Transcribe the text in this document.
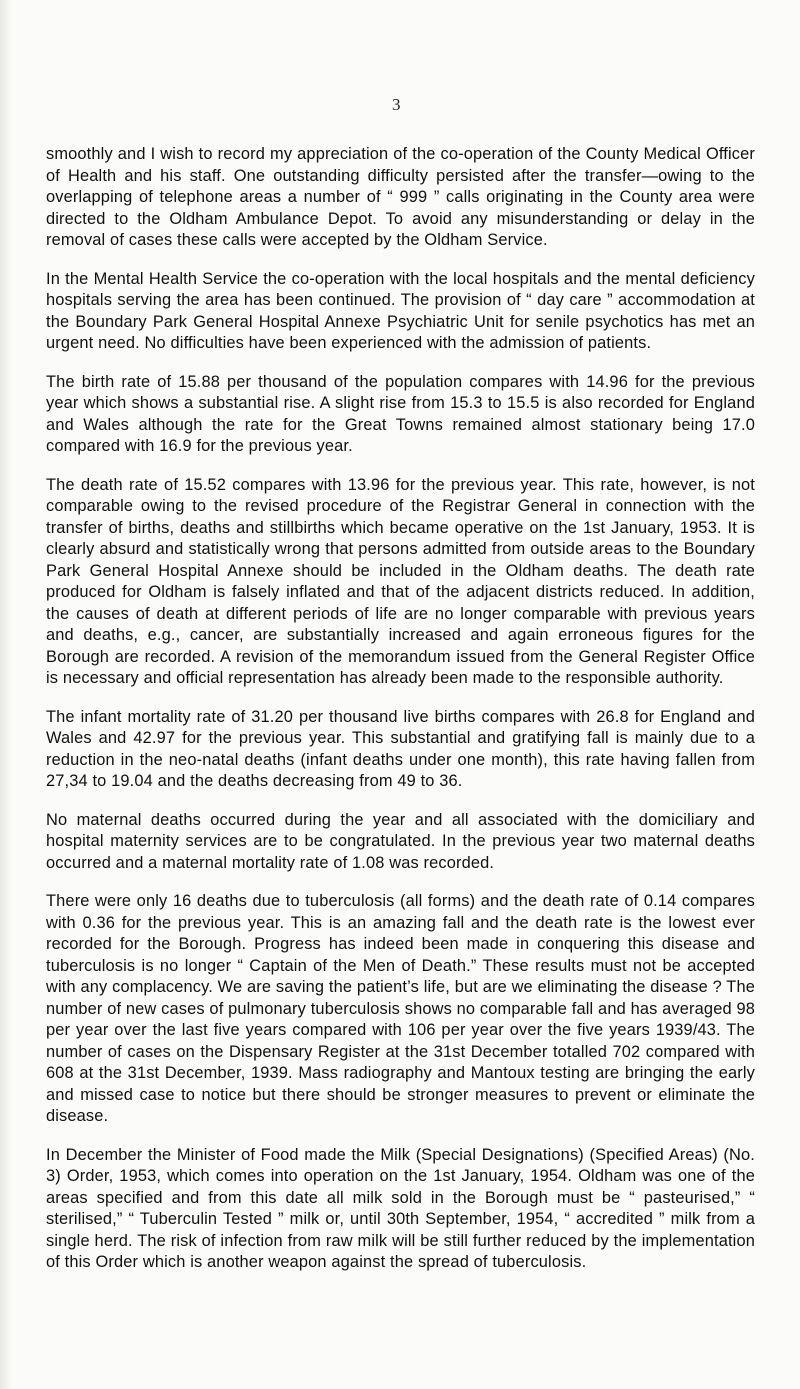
3

smoothly and I wish to record my appreciation of the co-operation of the County Medical Officer of Health and his staff. One outstanding difficulty persisted after the transfer—owing to the overlapping of telephone areas a number of “ 999 ” calls originating in the County area were directed to the Oldham Ambulance Depot. To avoid any misunderstanding or delay in the removal of cases these calls were accepted by the Oldham Service.

In the Mental Health Service the co-operation with the local hospitals and the mental deficiency hospitals serving the area has been continued. The provision of “ day care ” accommodation at the Boundary Park General Hospital Annexe Psychiatric Unit for senile psychotics has met an urgent need. No difficulties have been experienced with the admission of patients.

The birth rate of 15.88 per thousand of the population compares with 14.96 for the previous year which shows a substantial rise. A slight rise from 15.3 to 15.5 is also recorded for England and Wales although the rate for the Great Towns remained almost stationary being 17.0 compared with 16.9 for the previous year.

The death rate of 15.52 compares with 13.96 for the previous year. This rate, however, is not comparable owing to the revised procedure of the Registrar General in connection with the transfer of births, deaths and stillbirths which became operative on the 1st January, 1953. It is clearly absurd and statistically wrong that persons admitted from outside areas to the Boundary Park General Hospital Annexe should be included in the Oldham deaths. The death rate produced for Oldham is falsely inflated and that of the adjacent districts reduced. In addition, the causes of death at different periods of life are no longer comparable with previous years and deaths, e.g., cancer, are substantially increased and again erroneous figures for the Borough are recorded. A revision of the memorandum issued from the General Register Office is necessary and official representation has already been made to the responsible authority.

The infant mortality rate of 31.20 per thousand live births compares with 26.8 for England and Wales and 42.97 for the previous year. This substantial and gratifying fall is mainly due to a reduction in the neo-natal deaths (infant deaths under one month), this rate having fallen from 27,34 to 19.04 and the deaths decreasing from 49 to 36.

No maternal deaths occurred during the year and all associated with the domiciliary and hospital maternity services are to be congratulated. In the previous year two maternal deaths occurred and a maternal mortality rate of 1.08 was recorded.

There were only 16 deaths due to tuberculosis (all forms) and the death rate of 0.14 compares with 0.36 for the previous year. This is an amazing fall and the death rate is the lowest ever recorded for the Borough. Progress has indeed been made in conquering this disease and tuberculosis is no longer “ Captain of the Men of Death.” These results must not be accepted with any complacency. We are saving the patient’s life, but are we eliminating the disease ? The number of new cases of pulmonary tuberculosis shows no comparable fall and has averaged 98 per year over the last five years compared with 106 per year over the five years 1939/43. The number of cases on the Dispensary Register at the 31st December totalled 702 compared with 608 at the 31st December, 1939. Mass radiography and Mantoux testing are bringing the early and missed case to notice but there should be stronger measures to prevent or eliminate the disease.

In December the Minister of Food made the Milk (Special Designations) (Specified Areas) (No. 3) Order, 1953, which comes into operation on the 1st January, 1954. Oldham was one of the areas specified and from this date all milk sold in the Borough must be “ pasteurised,” “ sterilised,” “ Tuberculin Tested ” milk or, until 30th September, 1954, “ accredited ” milk from a single herd. The risk of infection from raw milk will be still further reduced by the implementation of this Order which is another weapon against the spread of tuberculosis.
